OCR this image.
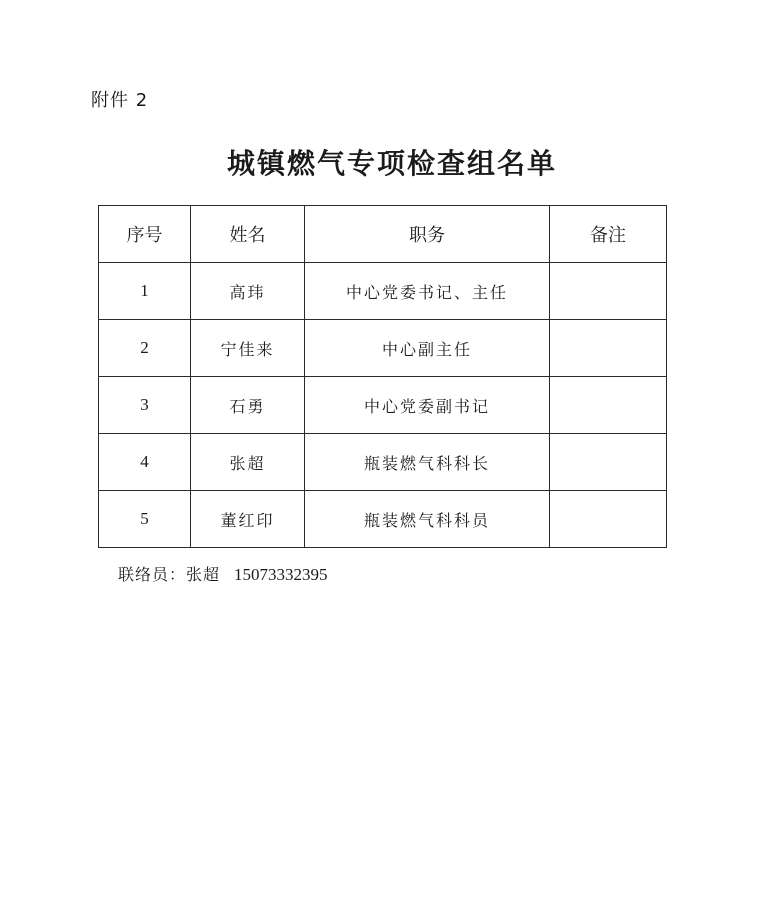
附件 2
城镇燃气专项检查组名单
序号	姓名	职务	备注
1	高玮	中心党委书记、主任	
2	宁佳来	中心副主任	
3	石勇	中心党委副书记	
4	张超	瓶装燃气科科长	
5	董红印	瓶装燃气科科员	
联络员：张超 15073332395
